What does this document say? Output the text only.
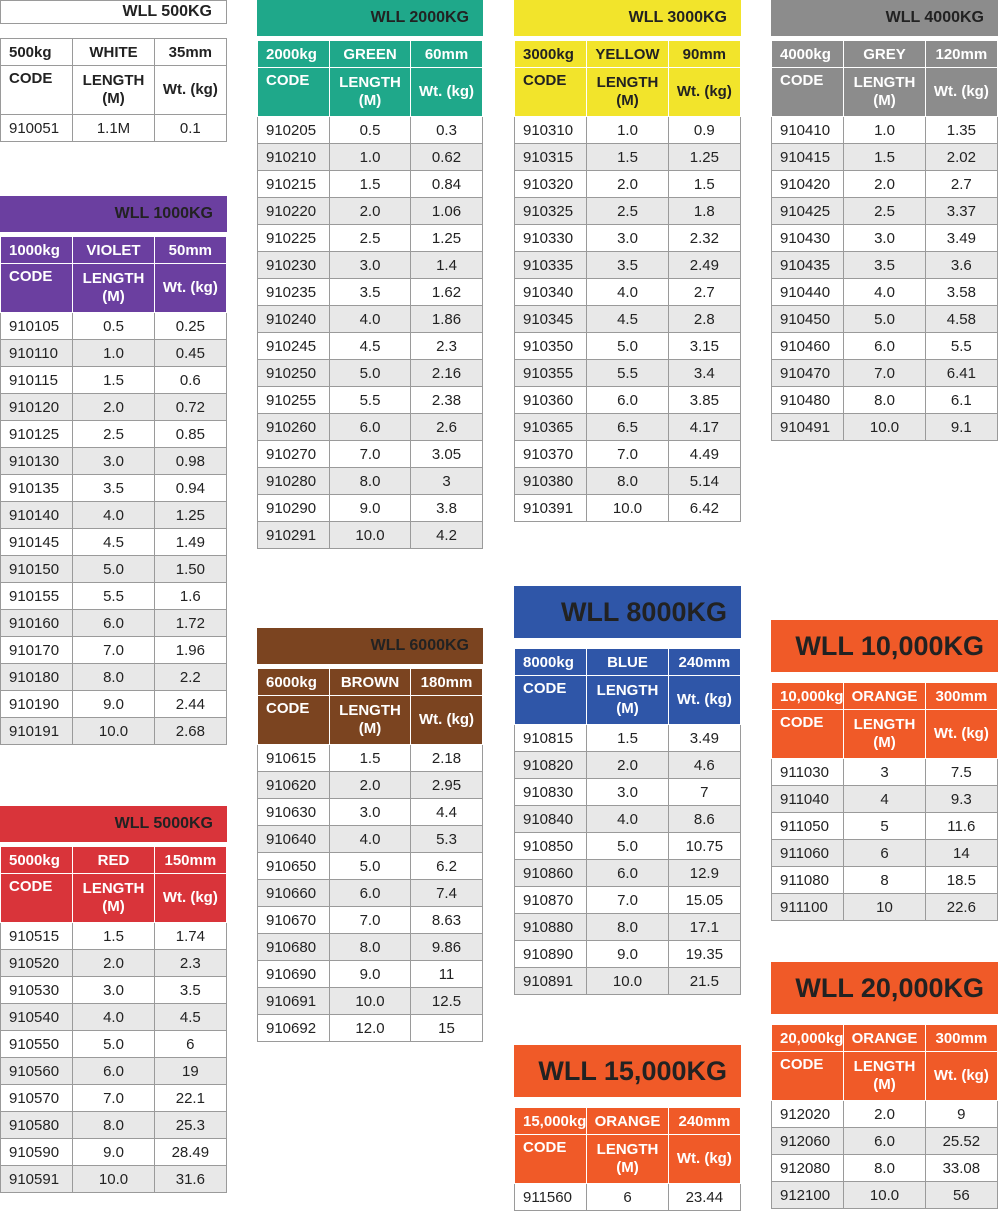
WLL 500KG
500kg	WHITE	35mm
CODE	LENGTH (M)	Wt. (kg)
910051	1.1M	0.1
WLL 1000KG
1000kg	VIOLET	50mm
CODE	LENGTH (M)	Wt. (kg)
910105	0.5	0.25
910110	1.0	0.45
910115	1.5	0.6
910120	2.0	0.72
910125	2.5	0.85
910130	3.0	0.98
910135	3.5	0.94
910140	4.0	1.25
910145	4.5	1.49
910150	5.0	1.50
910155	5.5	1.6
910160	6.0	1.72
910170	7.0	1.96
910180	8.0	2.2
910190	9.0	2.44
910191	10.0	2.68
WLL 5000KG
5000kg	RED	150mm
CODE	LENGTH (M)	Wt. (kg)
910515	1.5	1.74
910520	2.0	2.3
910530	3.0	3.5
910540	4.0	4.5
910550	5.0	6
910560	6.0	19
910570	7.0	22.1
910580	8.0	25.3
910590	9.0	28.49
910591	10.0	31.6
WLL 2000KG
2000kg	GREEN	60mm
CODE	LENGTH (M)	Wt. (kg)
910205	0.5	0.3
910210	1.0	0.62
910215	1.5	0.84
910220	2.0	1.06
910225	2.5	1.25
910230	3.0	1.4
910235	3.5	1.62
910240	4.0	1.86
910245	4.5	2.3
910250	5.0	2.16
910255	5.5	2.38
910260	6.0	2.6
910270	7.0	3.05
910280	8.0	3
910290	9.0	3.8
910291	10.0	4.2
WLL 6000KG
6000kg	BROWN	180mm
CODE	LENGTH (M)	Wt. (kg)
910615	1.5	2.18
910620	2.0	2.95
910630	3.0	4.4
910640	4.0	5.3
910650	5.0	6.2
910660	6.0	7.4
910670	7.0	8.63
910680	8.0	9.86
910690	9.0	11
910691	10.0	12.5
910692	12.0	15
WLL 3000KG
3000kg	YELLOW	90mm
CODE	LENGTH (M)	Wt. (kg)
910310	1.0	0.9
910315	1.5	1.25
910320	2.0	1.5
910325	2.5	1.8
910330	3.0	2.32
910335	3.5	2.49
910340	4.0	2.7
910345	4.5	2.8
910350	5.0	3.15
910355	5.5	3.4
910360	6.0	3.85
910365	6.5	4.17
910370	7.0	4.49
910380	8.0	5.14
910391	10.0	6.42
WLL 8000KG
8000kg	BLUE	240mm
CODE	LENGTH (M)	Wt. (kg)
910815	1.5	3.49
910820	2.0	4.6
910830	3.0	7
910840	4.0	8.6
910850	5.0	10.75
910860	6.0	12.9
910870	7.0	15.05
910880	8.0	17.1
910890	9.0	19.35
910891	10.0	21.5
WLL 15,000KG
15,000kg	ORANGE	240mm
CODE	LENGTH (M)	Wt. (kg)
911560	6	23.44
WLL 4000KG
4000kg	GREY	120mm
CODE	LENGTH (M)	Wt. (kg)
910410	1.0	1.35
910415	1.5	2.02
910420	2.0	2.7
910425	2.5	3.37
910430	3.0	3.49
910435	3.5	3.6
910440	4.0	3.58
910450	5.0	4.58
910460	6.0	5.5
910470	7.0	6.41
910480	8.0	6.1
910491	10.0	9.1
WLL 10,000KG
10,000kg	ORANGE	300mm
CODE	LENGTH (M)	Wt. (kg)
911030	3	7.5
911040	4	9.3
911050	5	11.6
911060	6	14
911080	8	18.5
911100	10	22.6
WLL 20,000KG
20,000kg	ORANGE	300mm
CODE	LENGTH (M)	Wt. (kg)
912020	2.0	9
912060	6.0	25.52
912080	8.0	33.08
912100	10.0	56
